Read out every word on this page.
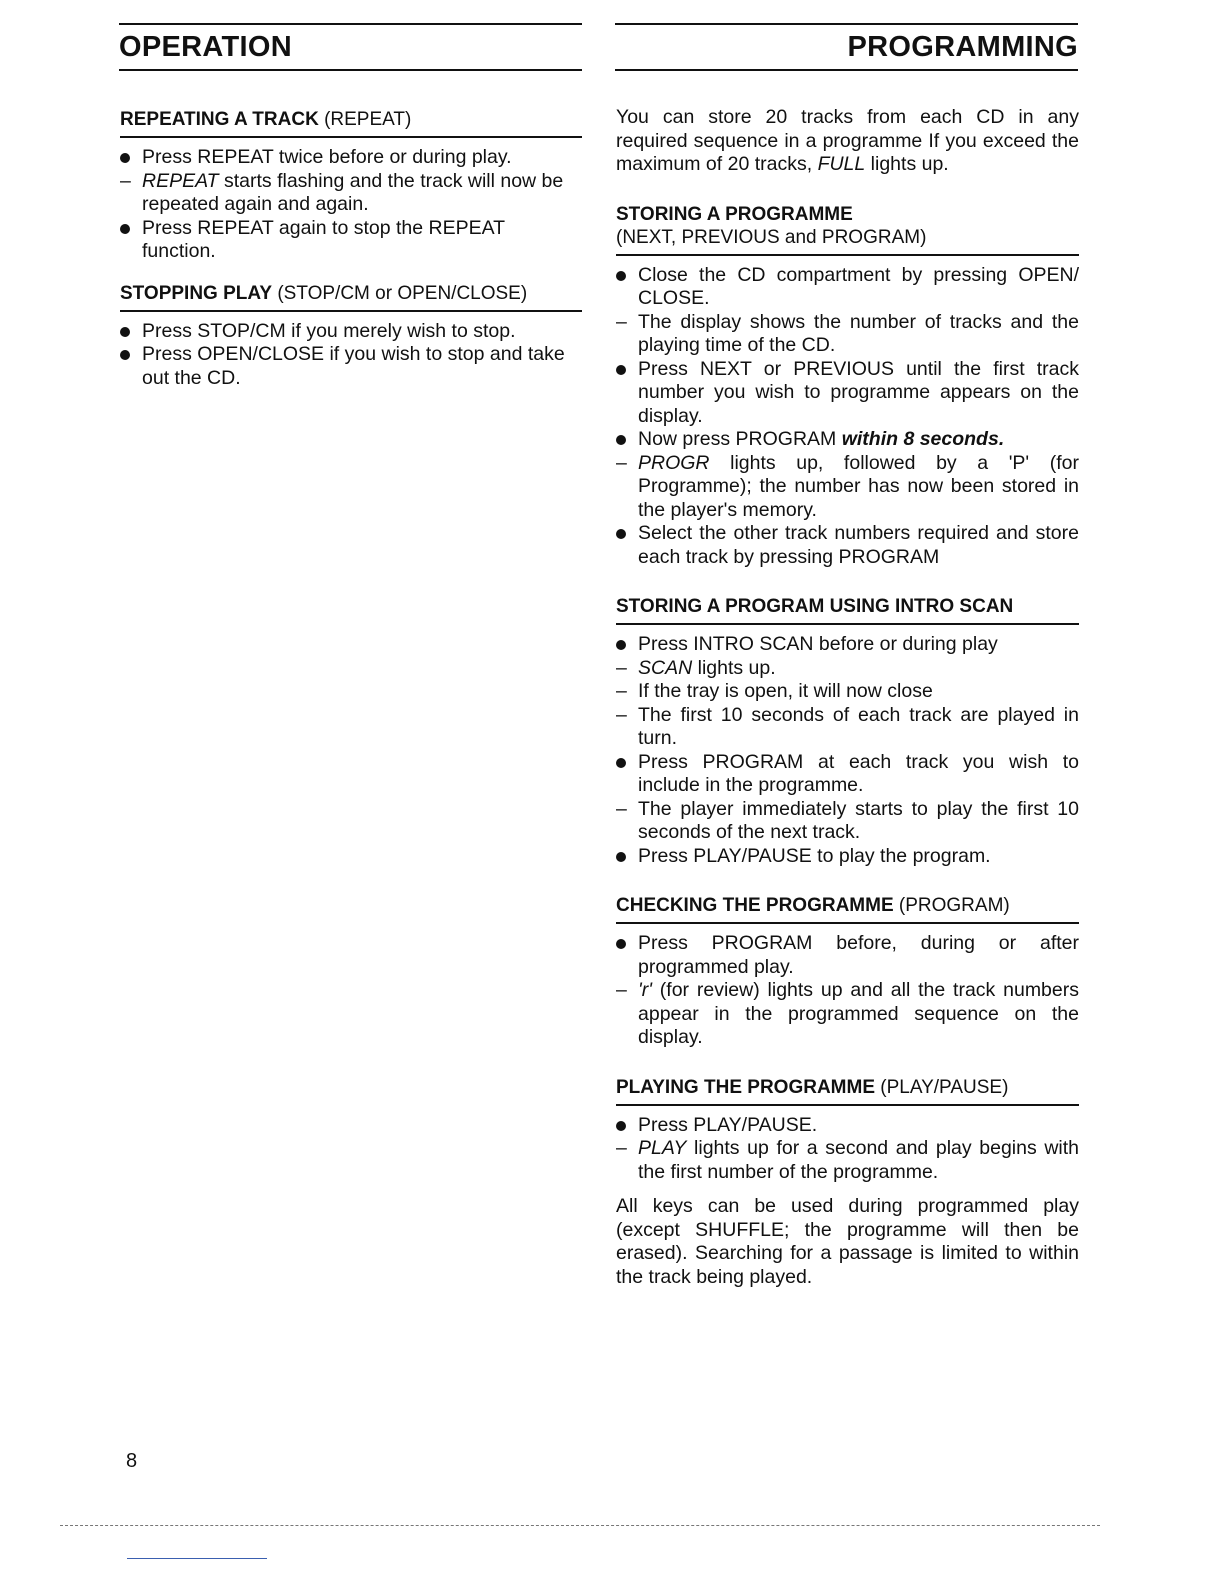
OPERATION	PROGRAMMING
REPEATING A TRACK (REPEAT)
Press REPEAT twice before or during play.
– REPEAT starts flashing and the track will now be repeated again and again.
Press REPEAT again to stop the REPEAT function.
STOPPING PLAY (STOP/CM or OPEN/CLOSE)
Press STOP/CM if you merely wish to stop.
Press OPEN/CLOSE if you wish to stop and take out the CD.

You can store 20 tracks from each CD in any required sequence in a programme If you exceed the maximum of 20 tracks, FULL lights up.

STORING A PROGRAMME
(NEXT, PREVIOUS and PROGRAM)
Close the CD compartment by pressing OPEN/ CLOSE.
– The display shows the number of tracks and the playing time of the CD.
Press NEXT or PREVIOUS until the first track number you wish to programme appears on the display.
Now press PROGRAM within 8 seconds.
– PROGR lights up, followed by a 'P' (for Programme); the number has now been stored in the player's memory.
Select the other track numbers required and store each track by pressing PROGRAM
STORING A PROGRAM USING INTRO SCAN
Press INTRO SCAN before or during play
– SCAN lights up.
– If the tray is open, it will now close
– The first 10 seconds of each track are played in turn.
Press PROGRAM at each track you wish to include in the programme.
– The player immediately starts to play the first 10 seconds of the next track.
Press PLAY/PAUSE to play the program.
CHECKING THE PROGRAMME (PROGRAM)
Press PROGRAM before, during or after programmed play.
– 'r' (for review) lights up and all the track numbers appear in the programmed sequence on the display.
PLAYING THE PROGRAMME (PLAY/PAUSE)
Press PLAY/PAUSE.
– PLAY lights up for a second and play begins with the first number of the programme.

All keys can be used during programmed play (except SHUFFLE; the programme will then be erased). Searching for a passage is limited to within the track being played.

8
